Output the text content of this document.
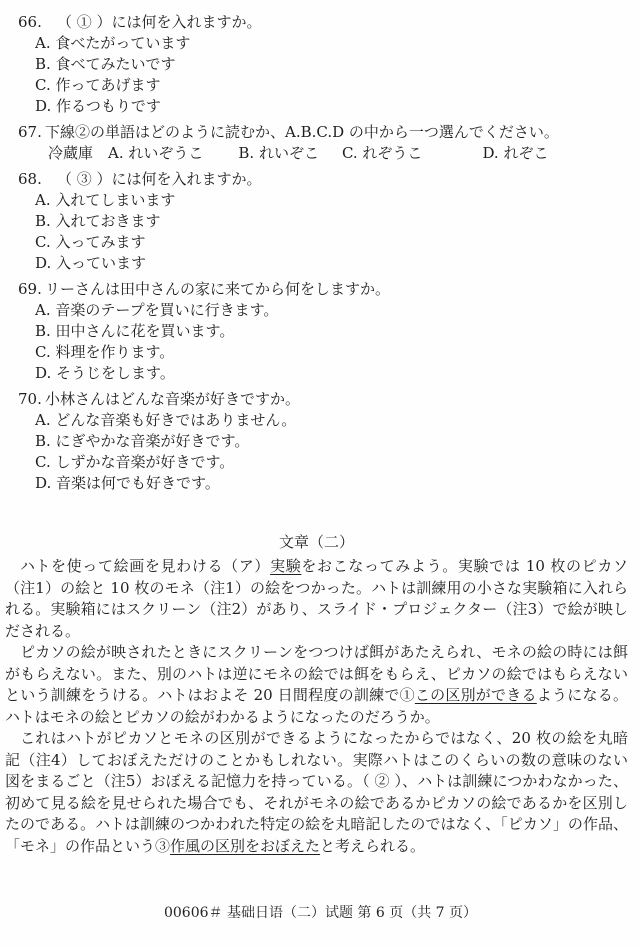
66. （ ① ）には何を入れますか。
A. 食べたがっています
B. 食べてみたいです
C. 作ってあげます
D. 作るつもりです
67. 下線②の単語はどのように読むか、A.B.C.D の中から一つ選んでください。
冷蔵庫 A. れいぞうこ B. れいぞこ C. れぞうこ	D. れぞこ
68. （ ③ ）には何を入れますか。
A. 入れてしまいます
B. 入れておきます
C. 入ってみます
D. 入っています
69. リーさんは田中さんの家に来てから何をしますか。
A. 音楽のテープを買いに行きます。
B. 田中さんに花を買います。
C. 料理を作ります。
D. そうじをします。
70. 小林さんはどんな音楽が好きですか。
A. どんな音楽も好きではありません。
B. にぎやかな音楽が好きです。
C. しずかな音楽が好きです。
D. 音楽は何でも好きです。
文章（二）

ハトを使って絵画を見わける（ア）実験をおこなってみよう。実験では 10 枚のピカソ（注1）の絵と 10 枚のモネ（注1）の絵をつかった。ハトは訓練用の小さな実験箱に入れられる。実験箱にはスクリーン（注2）があり、スライド・プロジェクター（注3）で絵が映しだされる。

ピカソの絵が映されたときにスクリーンをつつけば餌があたえられ、モネの絵の時には餌がもらえない。また、別のハトは逆にモネの絵では餌をもらえ、ピカソの絵ではもらえないという訓練をうける。ハトはおよそ 20 日間程度の訓練で①この区別ができるようになる。ハトはモネの絵とピカソの絵がわかるようになったのだろうか。

これはハトがピカソとモネの区別ができるようになったからではなく、20 枚の絵を丸暗記（注4）しておぼえただけのことかもしれない。実際ハトはこのくらいの数の意味のない図をまるごと（注5）おぼえる記憶力を持っている。（ ② ）、ハトは訓練につかわなかった、初めて見る絵を見せられた場合でも、それがモネの絵であるかピカソの絵であるかを区別したのである。ハトは訓練のつかわれた特定の絵を丸暗記したのではなく、「ピカソ」の作品、「モネ」の作品という③作風の区別をおぼえたと考えられる。

00606＃ 基础日语（二）试题 第 6 页（共 7 页）
